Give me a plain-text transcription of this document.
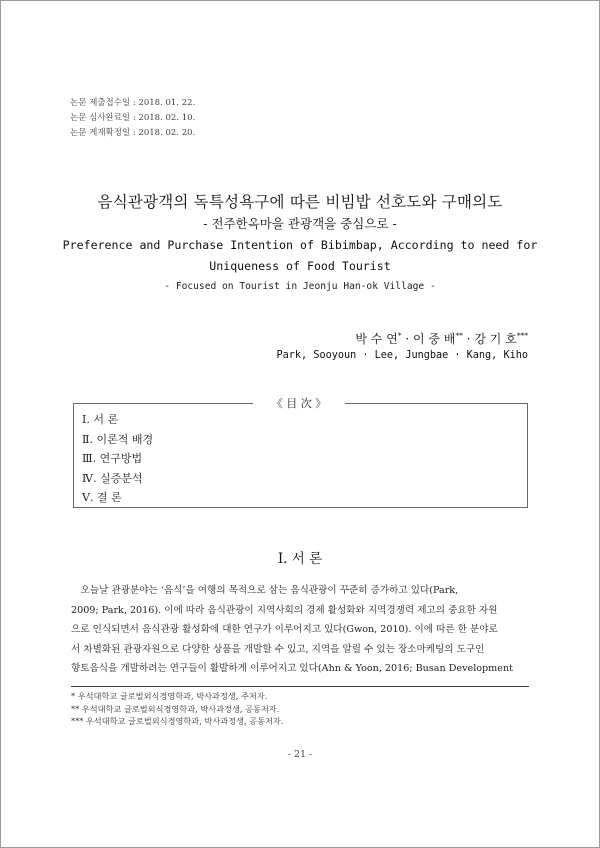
논문 제출접수일 : 2018. 01. 22.
논문 심사완료일 : 2018. 02. 10.
논문 게재확정일 : 2018. 02. 20.
음식관광객의 독특성욕구에 따른 비빔밥 선호도와 구매의도
- 전주한옥마을 관광객을 중심으로 -
Preference and Purchase Intention of Bibimbap, According to need for
Uniqueness of Food Tourist
- Focused on Tourist in Jeonju Han-ok Village -
박 수 연* · 이 중 배** · 강 기 호***
Park, Sooyoun · Lee, Jungbae · Kang, Kiho
《 目 次 》
Ⅰ. 서 론
Ⅱ. 이론적 배경
Ⅲ. 연구방법
Ⅳ. 실증분석
Ⅴ. 결 론
Ⅰ. 서 론
　오늘날 관광분야는 ‘음식’을 여행의 목적으로 삼는 음식관광이 꾸준히 증가하고 있다(Park,
2009; Park, 2016). 이에 따라 음식관광이 지역사회의 경제 활성화와 지역경쟁력 제고의 중요한 자원
으로 인식되면서 음식관광 활성화에 대한 연구가 이루어지고 있다(Gwon, 2010). 이에 따른 한 분야로
서 차별화된 관광자원으로 다양한 상품을 개발할 수 있고, 지역을 알릴 수 있는 장소마케팅의 도구인
향토음식을 개발하려는 연구들이 활발하게 이루어지고 있다(Ahn & Yoon, 2016; Busan Development
* 우석대학교 글로벌외식경영학과, 박사과정생, 주저자.
** 우석대학교 글로벌외식경영학과, 박사과정생, 공동저자.
*** 우석대학교 글로벌외식경영학과, 박사과정생, 공동저자.
- 21 -
